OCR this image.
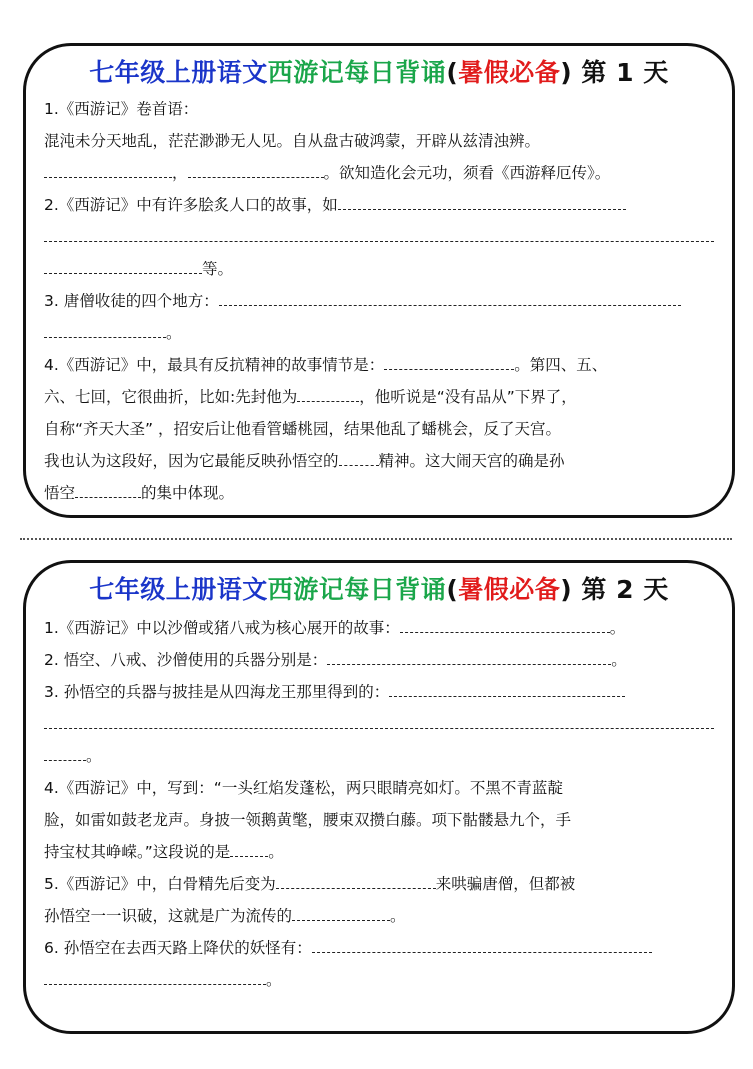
七年级上册语文西游记每日背诵(暑假必备) 第 1 天
1.《西游记》卷首语：
混沌未分天地乱，茫茫渺渺无人见。自从盘古破鸿蒙，开辟从兹清浊辨。
，	。欲知造化会元功，须看《西游释厄传》。
2.《西游记》中有许多脍炙人口的故事，如
等。
3. 唐僧收徒的四个地方：
。
4.《西游记》中，最具有反抗精神的故事情节是：	。第四、五、
六、七回，它很曲折，比如:先封他为	，他听说是“没有品从”下界了，
自称“齐天大圣” ，招安后让他看管蟠桃园，结果他乱了蟠桃会，反了天宫。
我也认为这段好，因为它最能反映孙悟空的	精神。这大闹天宫的确是孙
悟空	的集中体现。
七年级上册语文西游记每日背诵(暑假必备) 第 2 天
1.《西游记》中以沙僧或猪八戒为核心展开的故事：	。
2. 悟空、八戒、沙僧使用的兵器分别是：	。
3. 孙悟空的兵器与披挂是从四海龙王那里得到的：
。
4.《西游记》中，写到：“一头红焰发蓬松，两只眼睛亮如灯。不黑不青蓝靛
脸，如雷如鼓老龙声。身披一领鹅黄氅，腰束双攒白藤。项下骷髅悬九个，手
持宝杖其峥嵘。”这段说的是 。
5.《西游记》中，白骨精先后变为	来哄骗唐僧，但都被
孙悟空一一识破，这就是广为流传的	。
6. 孙悟空在去西天路上降伏的妖怪有：
。
